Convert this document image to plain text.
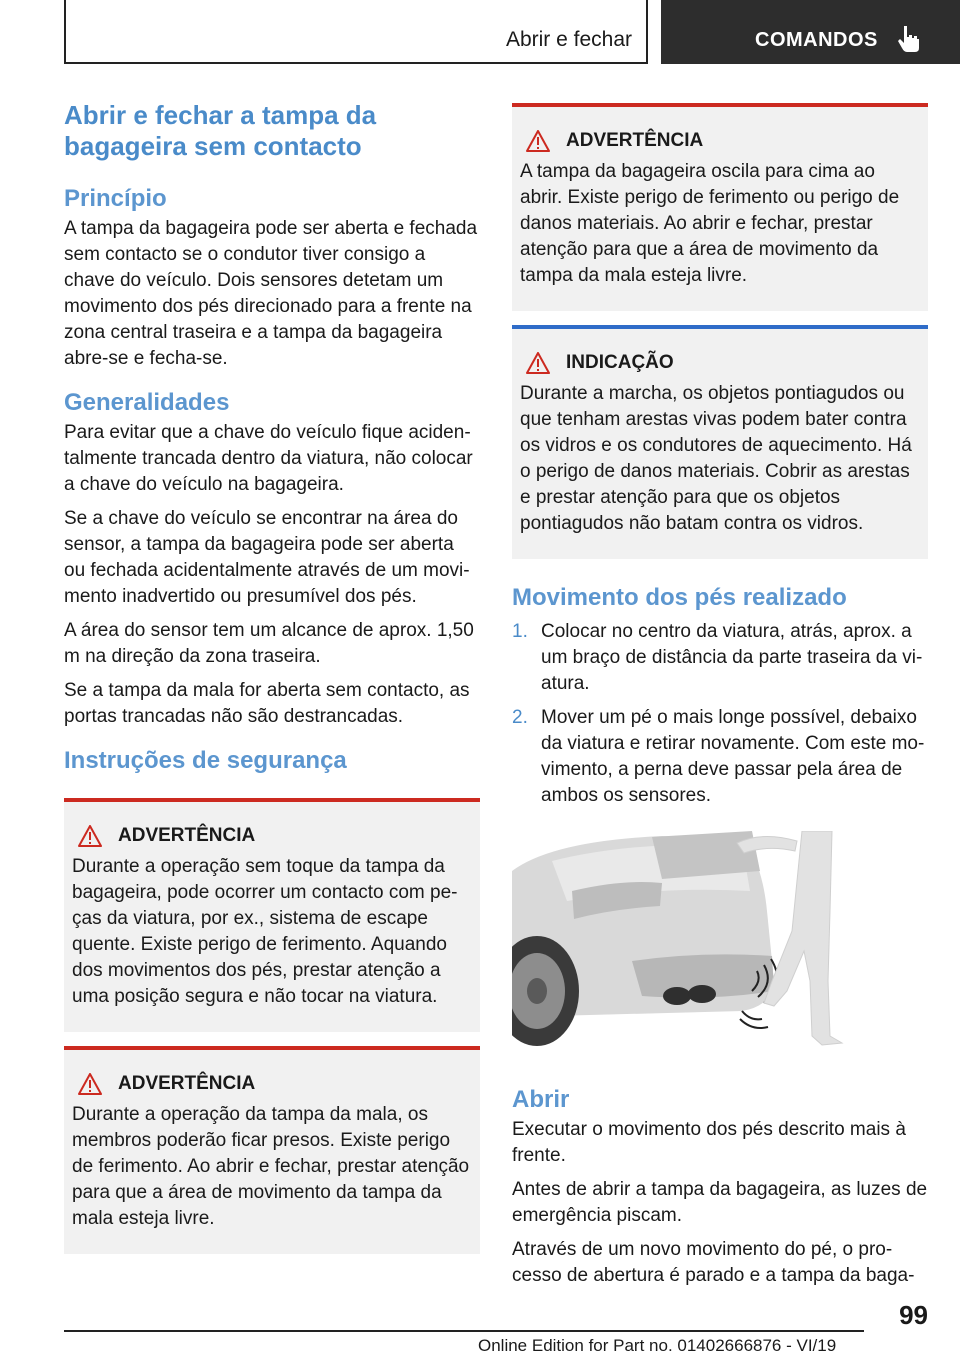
Abrir e fechar	COMANDOS
Abrir e fechar a tampa da bagageira sem contacto
Princípio

A tampa da bagageira pode ser aberta e fechada sem contacto se o condutor tiver consigo a chave do veículo. Dois sensores detetam um movimento dos pés direcionado para a frente na zona central traseira e a tampa da bagageira abre-se e fecha-se.

Generalidades

Para evitar que a chave do veículo fique acidentalmente trancada dentro da viatura, não colocar a chave do veículo na bagageira.

Se a chave do veículo se encontrar na área do sensor, a tampa da bagageira pode ser aberta ou fechada acidentalmente através de um movimento inadvertido ou presumível dos pés.

A área do sensor tem um alcance de aprox. 1,50 m na direção da zona traseira.

Se a tampa da mala for aberta sem contacto, as portas trancadas não são destrancadas.

Instruções de segurança
ADVERTÊNCIA

Durante a operação sem toque da tampa da bagageira, pode ocorrer um contacto com peças da viatura, por ex., sistema de escape quente. Existe perigo de ferimento. Aquando dos movimentos dos pés, prestar atenção a uma posição segura e não tocar na viatura.

ADVERTÊNCIA

Durante a operação da tampa da mala, os membros poderão ficar presos. Existe perigo de ferimento. Ao abrir e fechar, prestar atenção para que a área de movimento da tampa da mala esteja livre.

ADVERTÊNCIA

A tampa da bagageira oscila para cima ao abrir. Existe perigo de ferimento ou perigo de danos materiais. Ao abrir e fechar, prestar atenção para que a área de movimento da tampa da mala esteja livre.

INDICAÇÃO

Durante a marcha, os objetos pontiagudos ou que tenham arestas vivas podem bater contra os vidros e os condutores de aquecimento. Há o perigo de danos materiais. Cobrir as arestas e prestar atenção para que os objetos pontiagudos não batam contra os vidros.

Movimento dos pés realizado
1. Colocar no centro da viatura, atrás, aprox. a um braço de distância da parte traseira da viatura.
2. Mover um pé o mais longe possível, debaixo da viatura e retirar novamente. Com este movimento, a perna deve passar pela área de ambos os sensores.
Abrir

Executar o movimento dos pés descrito mais à frente.

Antes de abrir a tampa da bagageira, as luzes de emergência piscam.

Através de um novo movimento do pé, o processo de abertura é parado e a tampa da baga-

99
Online Edition for Part no. 01402666876 - VI/19
